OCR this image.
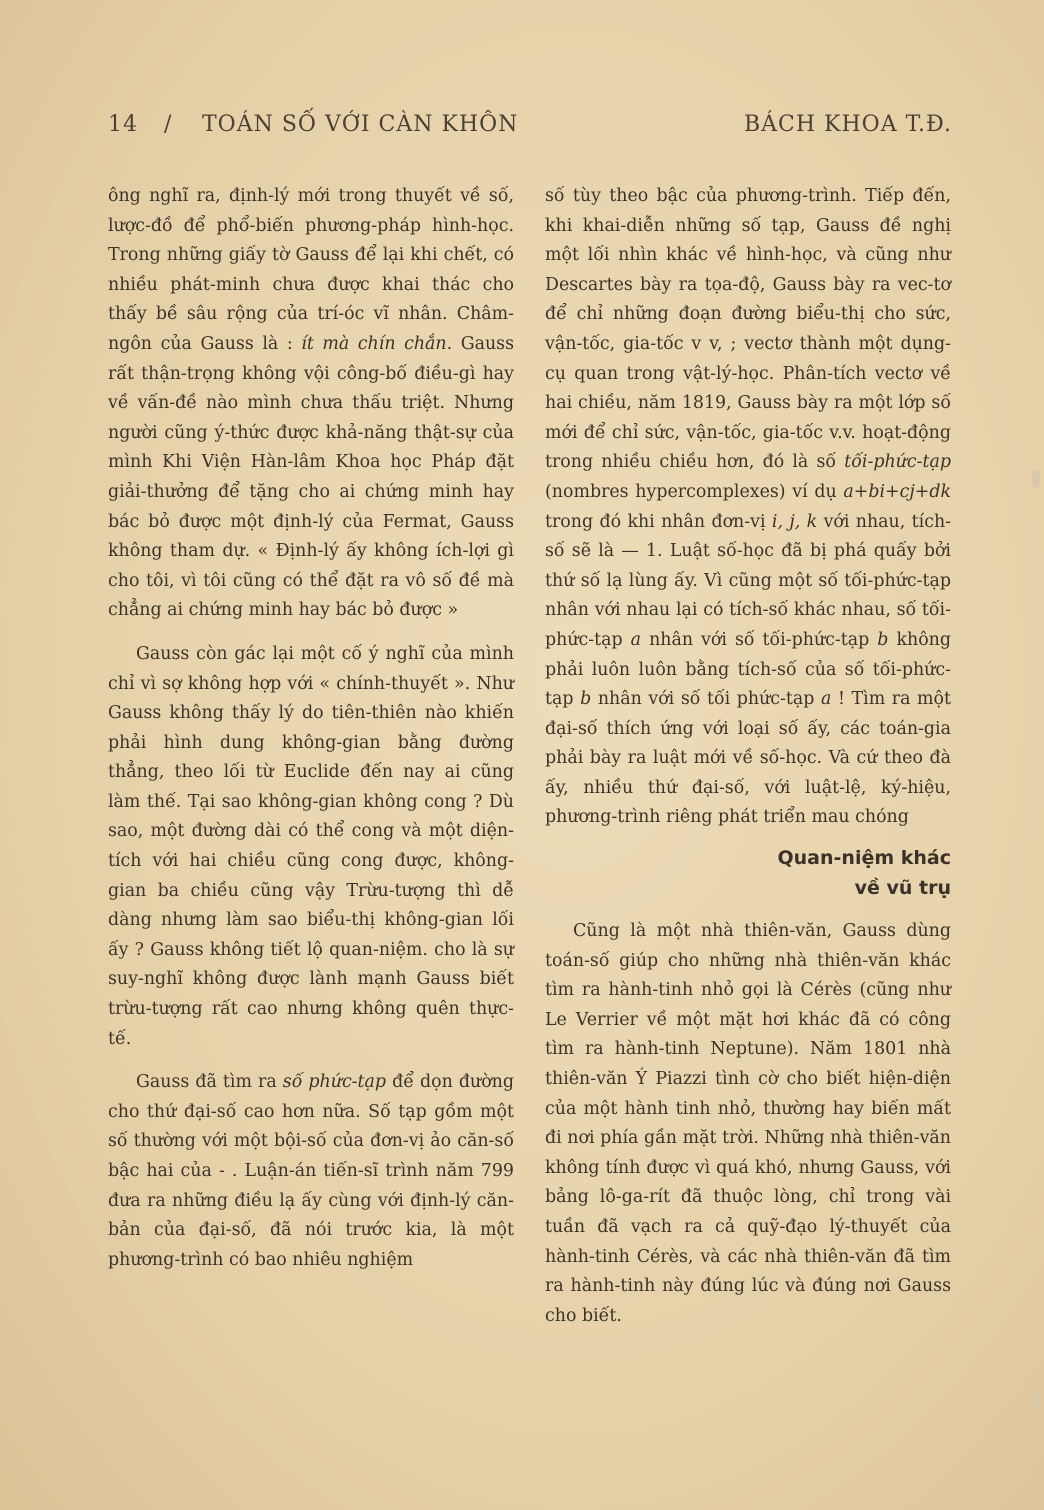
14 / TOÁN SỐ VỚI CÀN KHÔN	BÁCH KHOA T.Đ.

ông nghĩ ra, định-lý mới trong thuyết về số, lược-đồ để phổ-biến phương-pháp hình-học. Trong những giấy tờ Gauss để lại khi chết, có nhiều phát-minh chưa được khai thác cho thấy bề sâu rộng của trí-óc vĩ nhân. Châm-ngôn của Gauss là : ít mà chín chắn. Gauss rất thận-trọng không vội công-bố điều-gì hay về vấn-đề nào mình chưa thấu triệt. Nhưng người cũng ý-thức được khả-năng thật-sự của mình Khi Viện Hàn-lâm Khoa học Pháp đặt giải-thưởng để tặng cho ai chứng minh hay bác bỏ được một định-lý của Fermat, Gauss không tham dự. « Định-lý ấy không ích-lợi gì cho tôi, vì tôi cũng có thể đặt ra vô số đề mà chẳng ai chứng minh hay bác bỏ được »

Gauss còn gác lại một cố ý nghĩ của mình chỉ vì sợ không hợp với « chính-thuyết ». Như Gauss không thấy lý do tiên-thiên nào khiến phải hình dung không-gian bằng đường thẳng, theo lối từ Euclide đến nay ai cũng làm thế. Tại sao không-gian không cong ? Dù sao, một đường dài có thể cong và một diện-tích với hai chiều cũng cong được, không-gian ba chiều cũng vậy Trừu-tượng thì dễ dàng nhưng làm sao biểu-thị không-gian lối ấy ? Gauss không tiết lộ quan-niệm. cho là sự suy-nghĩ không được lành mạnh Gauss biết trừu-tượng rất cao nhưng không quên thực-tế.

Gauss đã tìm ra số phức-tạp để dọn đường cho thứ đại-số cao hơn nữa. Số tạp gồm một số thường với một bội-số của đơn-vị ảo căn-số bậc hai của - . Luận-án tiến-sĩ trình năm 799 đưa ra những điều lạ ấy cùng với định-lý căn-bản của đại-số, đã nói trước kia, là một phương-trình có bao nhiêu nghiệm

số tùy theo bậc của phương-trình. Tiếp đến, khi khai-diễn những số tạp, Gauss đề nghị một lối nhìn khác về hình-học, và cũng như Descartes bày ra tọa-độ, Gauss bày ra vec-tơ để chỉ những đoạn đường biểu-thị cho sức, vận-tốc, gia-tốc v v, ; vectơ thành một dụng-cụ quan trong vật-lý-học. Phân-tích vectơ về hai chiều, năm 1819, Gauss bày ra một lớp số mới để chỉ sức, vận-tốc, gia-tốc v.v. hoạt-động trong nhiều chiều hơn, đó là số tối-phức-tạp (nombres hypercomplexes) ví dụ a+bi+cj+dk trong đó khi nhân đơn-vị i, j, k với nhau, tích-số sẽ là — 1. Luật số-học đã bị phá quấy bởi thứ số lạ lùng ấy. Vì cũng một số tối-phức-tạp nhân với nhau lại có tích-số khác nhau, số tối-phức-tạp a nhân với số tối-phức-tạp b không phải luôn luôn bằng tích-số của số tối-phức-tạp b nhân với số tối phức-tạp a ! Tìm ra một đại-số thích ứng với loại số ấy, các toán-gia phải bày ra luật mới về số-học. Và cứ theo đà ấy, nhiều thứ đại-số, với luật-lệ, ký-hiệu, phương-trình riêng phát triển mau chóng

Quan-niệm khác
về vũ trụ

Cũng là một nhà thiên-văn, Gauss dùng toán-số giúp cho những nhà thiên-văn khác tìm ra hành-tinh nhỏ gọi là Cérès (cũng như Le Verrier về một mặt hơi khác đã có công tìm ra hành-tinh Neptune). Năm 1801 nhà thiên-văn Ý Piazzi tình cờ cho biết hiện-diện của một hành tinh nhỏ, thường hay biến mất đi nơi phía gần mặt trời. Những nhà thiên-văn không tính được vì quá khó, nhưng Gauss, với bảng lô-ga-rít đã thuộc lòng, chỉ trong vài tuần đã vạch ra cả quỹ-đạo lý-thuyết của hành-tinh Cérès, và các nhà thiên-văn đã tìm ra hành-tinh này đúng lúc và đúng nơi Gauss cho biết.
